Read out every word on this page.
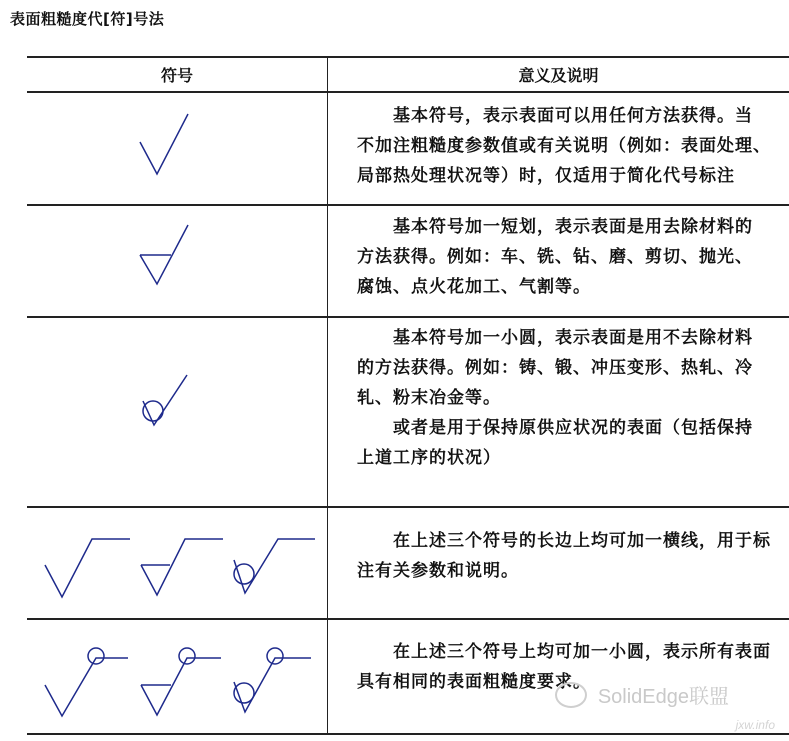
表面粗糙度代[符]号法
符号	意义及说明
　　基本符号，表示表面可以用任何方法获得。当
不加注粗糙度参数值或有关说明（例如：表面处理、
局部热处理状况等）时，仅适用于简化代号标注
　　基本符号加一短划，表示表面是用去除材料的
方法获得。例如：车、铣、钻、磨、剪切、抛光、
腐蚀、点火花加工、气割等。
　　基本符号加一小圆，表示表面是用不去除材料
的方法获得。例如：铸、锻、冲压变形、热轧、冷
轧、粉末冶金等。
　　或者是用于保持原供应状况的表面（包括保持
上道工序的状况）
　　在上述三个符号的长边上均可加一横线，用于标
注有关参数和说明。
　　在上述三个符号上均可加一小圆，表示所有表面
具有相同的表面粗糙度要求。
SolidEdge联盟
jxw.info
